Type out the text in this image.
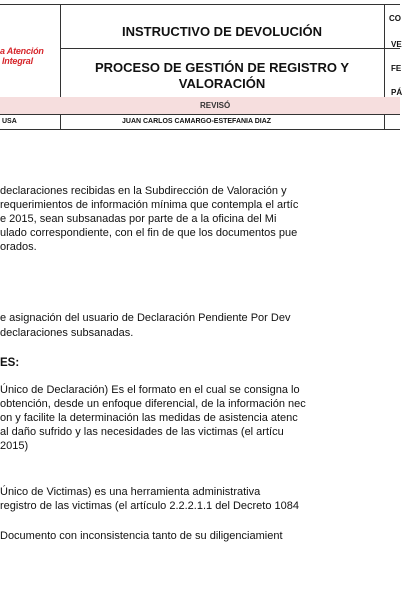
a Atención
Integral
INSTRUCTIVO DE DEVOLUCIÓN
PROCESO DE GESTIÓN DE REGISTRO Y
VALORACIÓN
CO
VE
FE
PÁ
REVISÓ
USA	JUAN CARLOS CAMARGO-ESTEFANIA DIAZ
declaraciones recibidas en la Subdirección de Valoración y
requerimientos de información mínima que contempla el artíc
e 2015, sean subsanadas por parte de a la oficina del Mi
ulado correspondiente, con el fin de que los documentos pue
orados.
e asignación del usuario de Declaración Pendiente Por Dev
declaraciones subsanadas.
ES:
Único de Declaración) Es el formato en el cual se consigna lo
obtención, desde un enfoque diferencial, de la información nec
on y facilite la determinación las medidas de asistencia atenc
al daño sufrido y las necesidades de las victimas (el artícu
2015)
Único de Victimas) es una herramienta administrativa
registro de las victimas (el artículo 2.2.2.1.1 del Decreto 1084
Documento con inconsistencia tanto de su diligenciamient
